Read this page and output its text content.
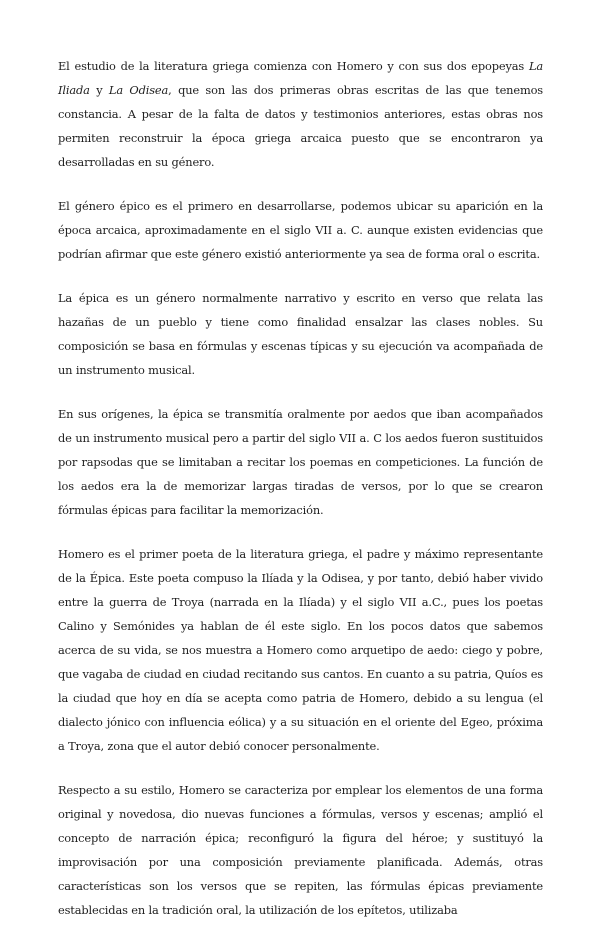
El estudio de la literatura griega comienza con Homero y con sus dos epopeyas La Iliada y La Odisea, que son las dos primeras obras escritas de las que tenemos constancia. A pesar de la falta de datos y testimonios anteriores, estas obras nos permiten reconstruir la época griega arcaica puesto que se encontraron ya desarrolladas en su género.

El género épico es el primero en desarrollarse, podemos ubicar su aparición en la época arcaica, aproximadamente en el siglo VII a. C. aunque existen evidencias que podrían afirmar que este género existió anteriormente ya sea de forma oral o escrita.

La épica es un género normalmente narrativo y escrito en verso que relata las hazañas de un pueblo y tiene como finalidad ensalzar las clases nobles. Su composición se basa en fórmulas y escenas típicas y su ejecución va acompañada de un instrumento musical.

En sus orígenes, la épica se transmitía oralmente por aedos que iban acompañados de un instrumento musical pero a partir del siglo VII a. C los aedos fueron sustituidos por rapsodas que se limitaban a recitar los poemas en competiciones. La función de los aedos era la de memorizar largas tiradas de versos, por lo que se crearon fórmulas épicas para facilitar la memorización.

Homero es el primer poeta de la literatura griega, el padre y máximo representante de la Épica. Este poeta compuso la Ilíada y la Odisea, y por tanto, debió haber vivido entre la guerra de Troya (narrada en la Ilíada) y el siglo VII a.C., pues los poetas Calino y Semónides ya hablan de él este siglo. En los pocos datos que sabemos acerca de su vida, se nos muestra a Homero como arquetipo de aedo: ciego y pobre, que vagaba de ciudad en ciudad recitando sus cantos. En cuanto a su patria, Quíos es la ciudad que hoy en día se acepta como patria de Homero, debido a su lengua (el dialecto jónico con influencia eólica) y a su situación en el oriente del Egeo, próxima a Troya, zona que el autor debió conocer personalmente.

Respecto a su estilo, Homero se caracteriza por emplear los elementos de una forma original y novedosa, dio nuevas funciones a fórmulas, versos y escenas; amplió el concepto de narración épica; reconfiguró la figura del héroe; y sustituyó la improvisación por una composición previamente planificada. Además, otras características son los versos que se repiten, las fórmulas épicas previamente establecidas en la tradición oral, la utilización de los epítetos, utilizaba
